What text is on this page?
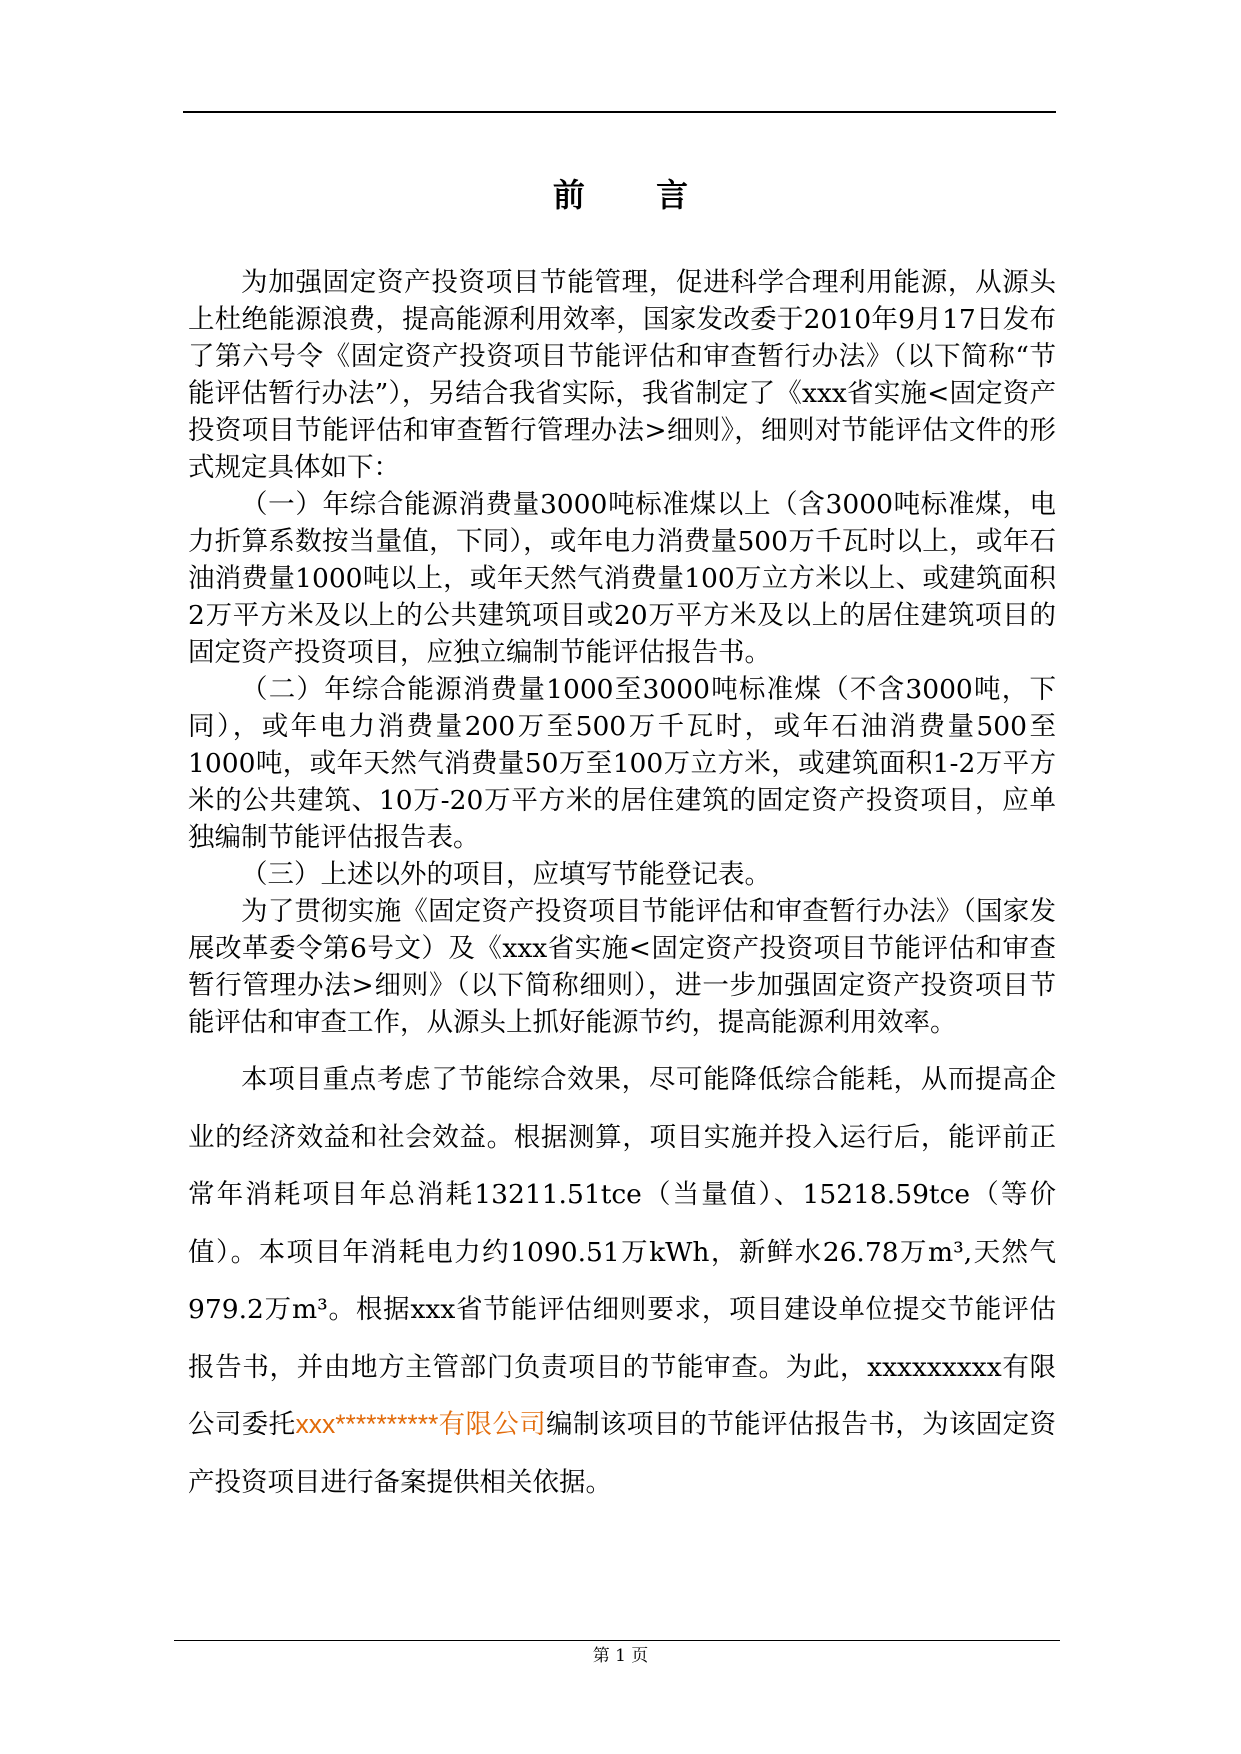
前 言

为加强固定资产投资项目节能管理，促进科学合理利用能源，从源头上杜绝能源浪费，提高能源利用效率，国家发改委于2010年9月17日发布了第六号令《固定资产投资项目节能评估和审查暂行办法》（以下简称“节能评估暂行办法”），另结合我省实际，我省制定了《xxx省实施<固定资产投资项目节能评估和审查暂行管理办法>细则》，细则对节能评估文件的形式规定具体如下：

（一）年综合能源消费量3000吨标准煤以上（含3000吨标准煤，电力折算系数按当量值，下同），或年电力消费量500万千瓦时以上，或年石油消费量1000吨以上，或年天然气消费量100万立方米以上、或建筑面积2万平方米及以上的公共建筑项目或20万平方米及以上的居住建筑项目的固定资产投资项目，应独立编制节能评估报告书。

（二）年综合能源消费量1000至3000吨标准煤（不含3000吨，下同），或年电力消费量200万至500万千瓦时，或年石油消费量500至1000吨，或年天然气消费量50万至100万立方米，或建筑面积1-2万平方米的公共建筑、10万-20万平方米的居住建筑的固定资产投资项目，应单独编制节能评估报告表。

（三）上述以外的项目，应填写节能登记表。

为了贯彻实施《固定资产投资项目节能评估和审查暂行办法》（国家发展改革委令第6号文）及《xxx省实施<固定资产投资项目节能评估和审查暂行管理办法>细则》（以下简称细则），进一步加强固定资产投资项目节能评估和审查工作，从源头上抓好能源节约，提高能源利用效率。

本项目重点考虑了节能综合效果，尽可能降低综合能耗，从而提高企业的经济效益和社会效益。根据测算，项目实施并投入运行后，能评前正常年消耗项目年总消耗13211.51tce（当量值）、15218.59tce（等价值）。本项目年消耗电力约1090.51万kWh，新鲜水26.78万m³,天然气979.2万m³。根据xxx省节能评估细则要求，项目建设单位提交节能评估报告书，并由地方主管部门负责项目的节能审查。为此，xxxxxxxxx有限公司委托xxx**********有限公司编制该项目的节能评估报告书，为该固定资产投资项目进行备案提供相关依据。

第 1 页
